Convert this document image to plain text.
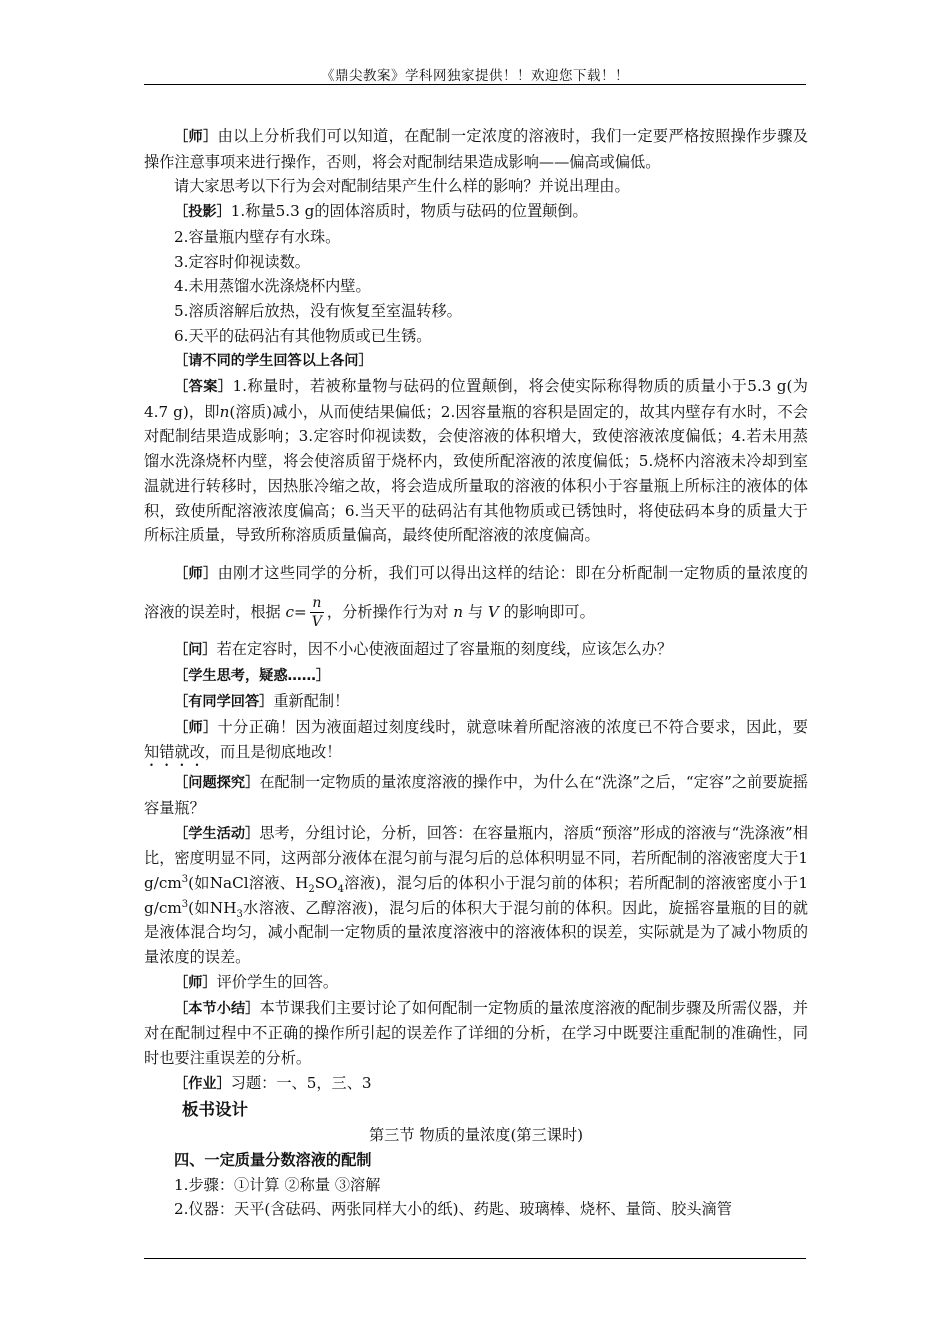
《鼎尖教案》学科网独家提供！！欢迎您下载！！

［师］由以上分析我们可以知道，在配制一定浓度的溶液时，我们一定要严格按照操作步骤及操作注意事项来进行操作，否则，将会对配制结果造成影响——偏高或偏低。

请大家思考以下行为会对配制结果产生什么样的影响？并说出理由。

［投影］1.称量5.3 g的固体溶质时，物质与砝码的位置颠倒。

2.容量瓶内壁存有水珠。

3.定容时仰视读数。

4.未用蒸馏水洗涤烧杯内壁。

5.溶质溶解后放热，没有恢复至室温转移。

6.天平的砝码沾有其他物质或已生锈。

［请不同的学生回答以上各问］

［答案］1.称量时，若被称量物与砝码的位置颠倒，将会使实际称得物质的质量小于5.3 g(为4.7 g)，即n(溶质)减小，从而使结果偏低；2.因容量瓶的容积是固定的，故其内壁存有水时，不会对配制结果造成影响；3.定容时仰视读数，会使溶液的体积增大，致使溶液浓度偏低；4.若未用蒸馏水洗涤烧杯内壁，将会使溶质留于烧杯内，致使所配溶液的浓度偏低；5.烧杯内溶液未冷却到室温就进行转移时，因热胀冷缩之故，将会造成所量取的溶液的体积小于容量瓶上所标注的液体的体积，致使所配溶液浓度偏高；6.当天平的砝码沾有其他物质或已锈蚀时，将使砝码本身的质量大于所标注质量，导致所称溶质质量偏高，最终使所配溶液的浓度偏高。

［师］由刚才这些同学的分析，我们可以得出这样的结论：即在分析配制一定物质的量浓度的溶液的误差时，根据 $c= \frac{n}{V}$ ，分析操作行为对 n 与 V 的影响即可。

［问］若在定容时，因不小心使液面超过了容量瓶的刻度线，应该怎么办？

［学生思考，疑惑……］

［有同学回答］重新配制！

［师］十分正确！因为液面超过刻度线时，就意味着所配溶液的浓度已不符合要求，因此，要知错就改，而且是彻底地改！

［问题探究］在配制一定物质的量浓度溶液的操作中，为什么在“洗涤”之后，“定容”之前要旋摇容量瓶？

［学生活动］思考，分组讨论，分析，回答：在容量瓶内，溶质“预溶”形成的溶液与“洗涤液”相比，密度明显不同，这两部分液体在混匀前与混匀后的总体积明显不同，若所配制的溶液密度大于1 $g/cm^3$(如NaCl溶液、$H_2SO_4$溶液)，混匀后的体积小于混匀前的体积；若所配制的溶液密度小于1 $g/cm^3$(如$NH_3$水溶液、乙醇溶液)，混匀后的体积大于混匀前的体积。因此，旋摇容量瓶的目的就是液体混合均匀，减小配制一定物质的量浓度溶液中的溶液体积的误差，实际就是为了减小物质的量浓度的误差。

［师］评价学生的回答。

［本节小结］本节课我们主要讨论了如何配制一定物质的量浓度溶液的配制步骤及所需仪器，并对在配制过程中不正确的操作所引起的误差作了详细的分析，在学习中既要注重配制的准确性，同时也要注重误差的分析。

［作业］习题：一、5，三、3

板书设计

第三节 物质的量浓度(第三课时)

四、一定质量分数溶液的配制

1.步骤：①计算 ②称量 ③溶解

2.仪器：天平(含砝码、两张同样大小的纸)、药匙、玻璃棒、烧杯、量筒、胶头滴管
